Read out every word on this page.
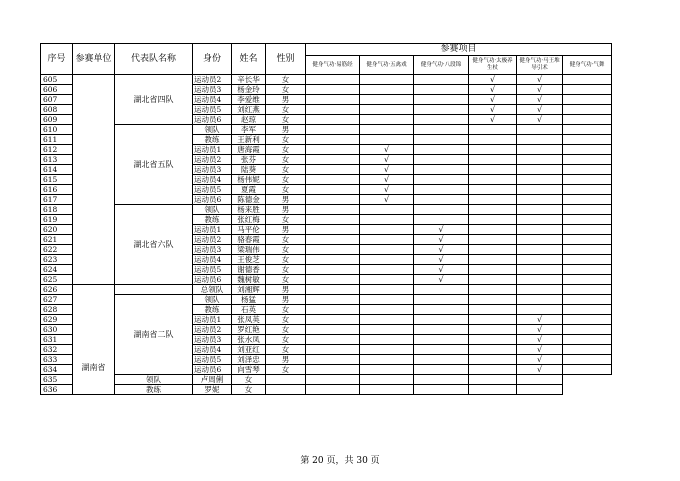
序号	参赛单位	代表队名称	身份	姓名	性别	参赛项目					
						健身气功·易筋经	健身气功·五禽戏	健身气功·八段锦	健身气功·太极养生杖	健身气功·马王堆导引术	健身气功·气舞
605		湖北省四队	运动员2	辛长华	女				√	√	
606			运动员3	杨金玲	女				√	√	
607			运动员4	李爱维	男				√	√	
608			运动员5	刘红燕	女				√	√	
609			运动员6	赵琼	女				√	√	
610		湖北省五队	领队	李军	男						
611			教练	王新利	女						
612			运动员1	唐海霞	女		√				
613			运动员2	张芬	女		√				
614			运动员3	陆葵	女		√				
615			运动员4	杨伟妮	女		√				
616			运动员5	夏霞	女		√				
617			运动员6	陈德金	男		√				
618		湖北省六队	领队	杨来胜	男						
619			教练	张红梅	女						
620			运动员1	马平伦	男			√			
621			运动员2	骆春霞	女			√			
622			运动员3	梁瑞伟	女			√			
623			运动员4	王俊芝	女			√			
624			运动员5	谢德香	女			√			
625			运动员6	魏树敏	女			√			
626	湖南省		总领队	刘湘辉	男						
627		湖南省二队	领队	杨猛	男						
628			教练	石英	女						
629			运动员1	张凤英	女					√	
630			运动员2	罗红艳	女					√	
631			运动员3	张水凤	女					√	
632			运动员4	刘亚红	女					√	
633			运动员5	刘泽忠	男					√	
634			运动员6	向雪琴	女					√	
635		领队	卢周俐	女							
636		教练	罗妮	女							
第 20 页，共 30 页
